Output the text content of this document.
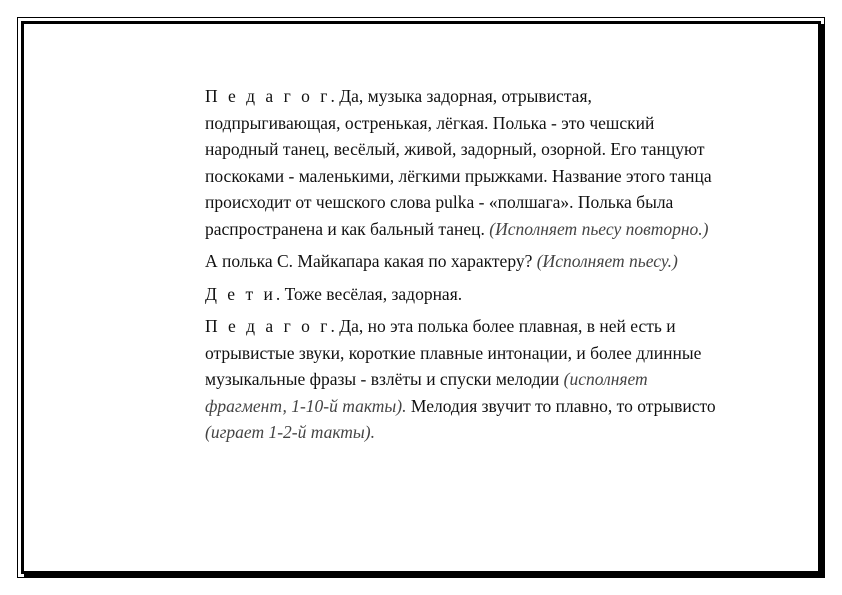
П е д а г о г. Да, музыка задорная, отрывистая, подпрыгивающая, остренькая, лёгкая. Полька - это чешский народный танец, весёлый, живой, задорный, озорной. Его танцуют поскоками - маленькими, лёгкими прыжками. Название этого танца происходит от чешского слова pulka - «полшага». Полька была распространена и как бальный танец. (Исполняет пьесу повторно.)

А полька С. Майкапара какая по характеру? (Исполняет пьесу.)

Д е т и. Тоже весёлая, задорная.

П е д а г о г. Да, но эта полька более плавная, в ней есть и отрывистые звуки, короткие плавные интонации, и более длинные музыкальные фразы - взлёты и спуски мелодии (исполняет фрагмент, 1-10-й такты). Мелодия звучит то плавно, то отрывисто (играет 1-2-й такты).
